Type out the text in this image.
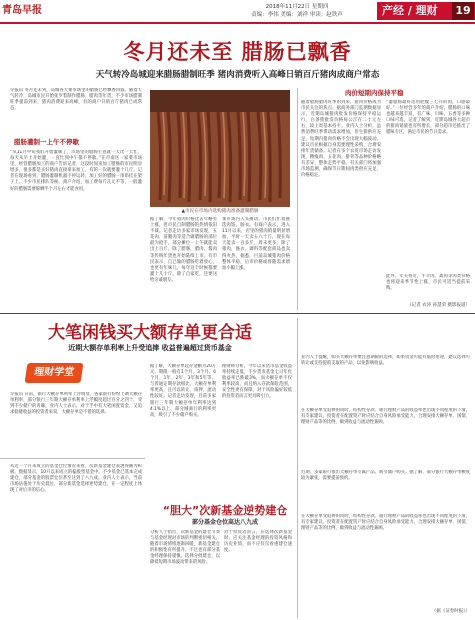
青岛早报	2018年11月22日 星期四
责编：李伟 美编：刘祥 审读：赵铁声	产经 / 理财	19
冬月还未至 腊肠已飘香
天气转冷岛城迎来腊肠腊制旺季 猪肉消费听入高峰日销百斤猪肉成商户常态
早报讯 冬月还未到，岛城各大菜市场里的腊肠已经飘香四溢。随着天气转冷，岛城市民开始张罗着制作腊肠、腊肉等年货，不少市场腊制旺季提前到来，猪肉消费迎来高峰，有的商户日销百斤猪肉已成常态。
腊肠灌制一上午不停歇
“从11月中旬我们开始灌制了，市场里的腊肠生意就一天比一天忙，每天从早上开始灌，一直忙到中午都不停歇。”在市南区一家菜市场里，经营腊肠加工的商户告诉记者，这段时间来加工腊肠的市民明显增多，很多都是买好猪肉直接拿来加工，有的一次就要灌十几斤。记者在现场看到，腊肠灌制机器不停运转，加工好的腊肠一串串挂在架子上，不少市民排队等候。商户介绍，加工费每斤几元不等，一般灌好的腊肠需要晾晒半个月左右才能食用。
▲市民在市场内选购猪肉准备灌制腊肠
据了解，今年猪肉价格比去年略有上涨，但市民自制腊肠的热情依旧不减。记者走访多家市场发现，五花肉、前腿肉等适合做腊肠的部位最为抢手，部分摊位一上午就能卖出上百斤。除了腊肠，腊肉、酱肉等传统年货也开始陆续上市。有市民表示，自己做的腊肠吃着放心，也更有年味儿，每年这个时候都要灌上几十斤，除了自家吃，还要送给亲戚朋友。
菜市场内人头攒动，市民们忙着挑选肉馅、肠衣。有商户表示，进入11月以来，店里的猪肉销量明显增加，平时一天卖五六十斤，现在每天能卖一百多斤，周末更多。除了猪肉，肠衣、调料等配套商品也卖得火热。据悉，目前岛城猪肉价格整体平稳，后市价格或将随需求增加小幅上涨。
肉价短期内保持平稳
随着腊肠腊肉旺季的到来，猪肉价格成为市民关注的焦点。据商务部门监测数据显示，近期岛城猪肉批发价格保持平稳运行，白条猪批发价格每公斤在二十元左右，较上周基本持平。业内人士分析，虽然消费旺季带动需求增加，但生猪供应充足，短期内猪肉价格不会出现大幅波动。建议市民根据自身需要理性采购，合理安排年货储备。记者在多个农贸市场走访发现，精瘦肉、五花肉、排骨等品种价格略有差异，整体走势平稳。有关部门将加强市场监测，确保节日期间肉类供应充足、价格稳定。
“灌腊肠最好选用肥瘦三七开的肉，口感最好。”一位经营多年的商户介绍，腊肠的口味也越来越丰富，有广味、川味、五香等多种口味可选。记者了解到，近期岛城各大超市的猪肉销量也有所增长，部分超市还推出了腊味专区，满足市民的节日需求。
此外，年关将近，牛羊肉、禽肉等肉类价格也将迎来季节性上涨，市民可适当提前采购。
（记者 衣涛 孙慧荣 摄影报道）
大笔闲钱买大额存单更合适
近期大额存单利率上升受追捧 收益普遍超过货币基金
理财学堂
早报讯 日前，银行大额存单利率上浮明显，各家银行纷纷上调大额存单利率，部分银行三年期大额存单利率上浮幅度超过百分之四十，受到不少储户的青睐。业内人士表示，对于手中有大笔闲置资金、又追求稳健收益的投资者来说，大额存单是不错的选择。
据了解，大额存单起存金额为20万元，期限一般有1个月、3个月、6个月、1年、2年、3年和5年等。与普通定期存款相比，大额存单利率更高，且可以转让、质押，流动性较好。记者走访发现，目前多家银行三年期大额存单年利率达到4.1%以上，部分城商行的利率更高，吸引了不少储户购买。
理财师分析，今年以来货币基金收益率持续走低，不少货币基金七日年化收益率已跌破3%，而大额存单不仅利率较高，而且纳入存款保险范围，安全性更有保障，对于风险偏好较低的投资者而言更具吸引力。
业内人士提醒，购买大额存单要注意期限的选择，如果资金可能有临时用途，建议选择可转让或支持提前支取的产品，以免影响收益。
在大额存单受追捧的同时，结构性存款、银行理财产品的收益率也出现不同程度的下滑。有专家建议，投资者在配置资产时应结合自身风险承受能力，合理安排大额存单、国债、理财产品等的比例，做到收益与流动性兼顾。
近期，多家银行推出大额存单专属产品，吸引储户购买。据了解，部分银行大额存单额度较为紧张，需要提前预约。
从近一个月来成立的基金仓位情况来看，次新基金建仓表现得颇为积极。数据显示，10月以来成立的偏股型基金中，不少基金已基本完成建仓，部分基金的股票仓位甚至达到了八九成。业内人士表示，当前市场估值处于历史低位，部分新基金选择逆势建仓，在一定程度上体现了对后市的信心。
“胆大”次新基金逆势建仓
部分基金仓位高达八九成
分析人士指出，次新基金的建仓节奏与基金经理对市场的判断密切相关。随着市场情绪逐渐回暖，新基金建仓的积极性有所提升。不过也有部分基金经理保持谨慎，选择分批建仓，以降低短期市场波动带来的风险。
对于投资者而言，在选择次新基金时，应关注基金经理的投资风格和历史业绩，而不应仅仅看重建仓速度。
在大额存单受追捧的同时，结构性存款、银行理财产品的收益率也出现不同程度的下滑。有专家建议，投资者在配置资产时应结合自身风险承受能力，合理安排大额存单、国债、理财产品等的比例，做到收益与流动性兼顾。
（据《证券时报》）
